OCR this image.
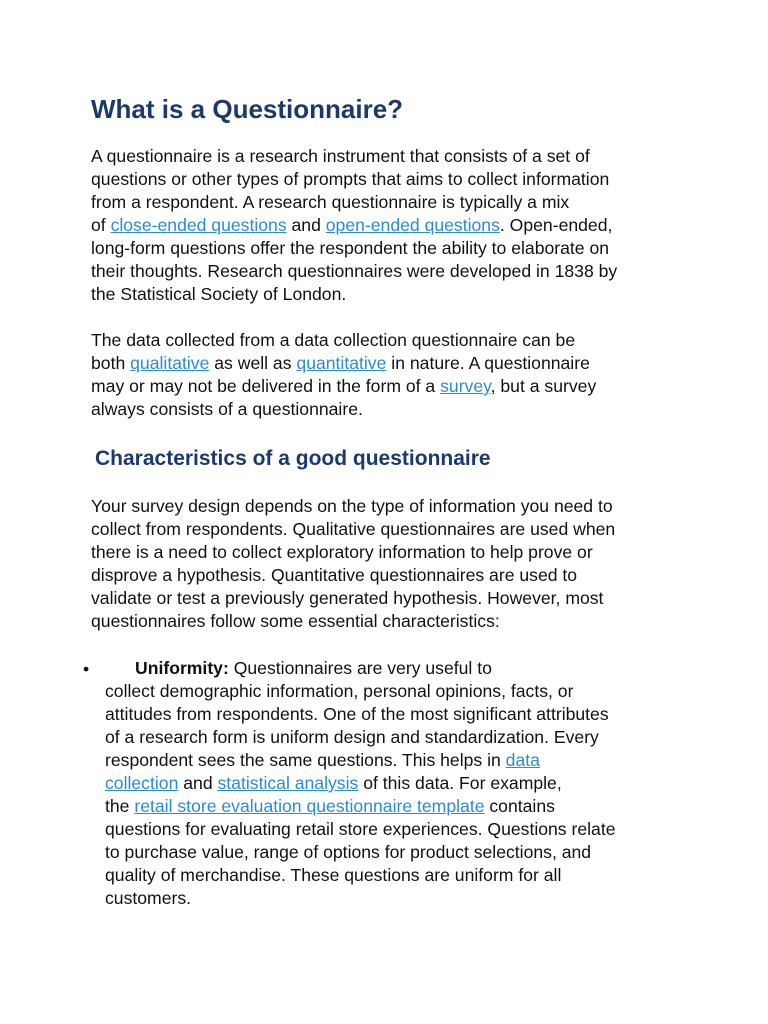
What is a Questionnaire?

A questionnaire is a research instrument that consists of a set of
questions or other types of prompts that aims to collect information
from a respondent. A research questionnaire is typically a mix
of close-ended questions and open-ended questions. Open-ended,
long-form questions offer the respondent the ability to elaborate on
their thoughts. Research questionnaires were developed in 1838 by
the Statistical Society of London.

The data collected from a data collection questionnaire can be
both qualitative as well as quantitative in nature. A questionnaire
may or may not be delivered in the form of a survey, but a survey
always consists of a questionnaire.

Characteristics of a good questionnaire

Your survey design depends on the type of information you need to
collect from respondents. Qualitative questionnaires are used when
there is a need to collect exploratory information to help prove or
disprove a hypothesis. Quantitative questionnaires are used to
validate or test a previously generated hypothesis. However, most
questionnaires follow some essential characteristics:

•	Uniformity: Questionnaires are very useful to
collect demographic information, personal opinions, facts, or
attitudes from respondents. One of the most significant attributes
of a research form is uniform design and standardization. Every
respondent sees the same questions. This helps in data
collection and statistical analysis of this data. For example,
the retail store evaluation questionnaire template contains
questions for evaluating retail store experiences. Questions relate
to purchase value, range of options for product selections, and
quality of merchandise. These questions are uniform for all
customers.
